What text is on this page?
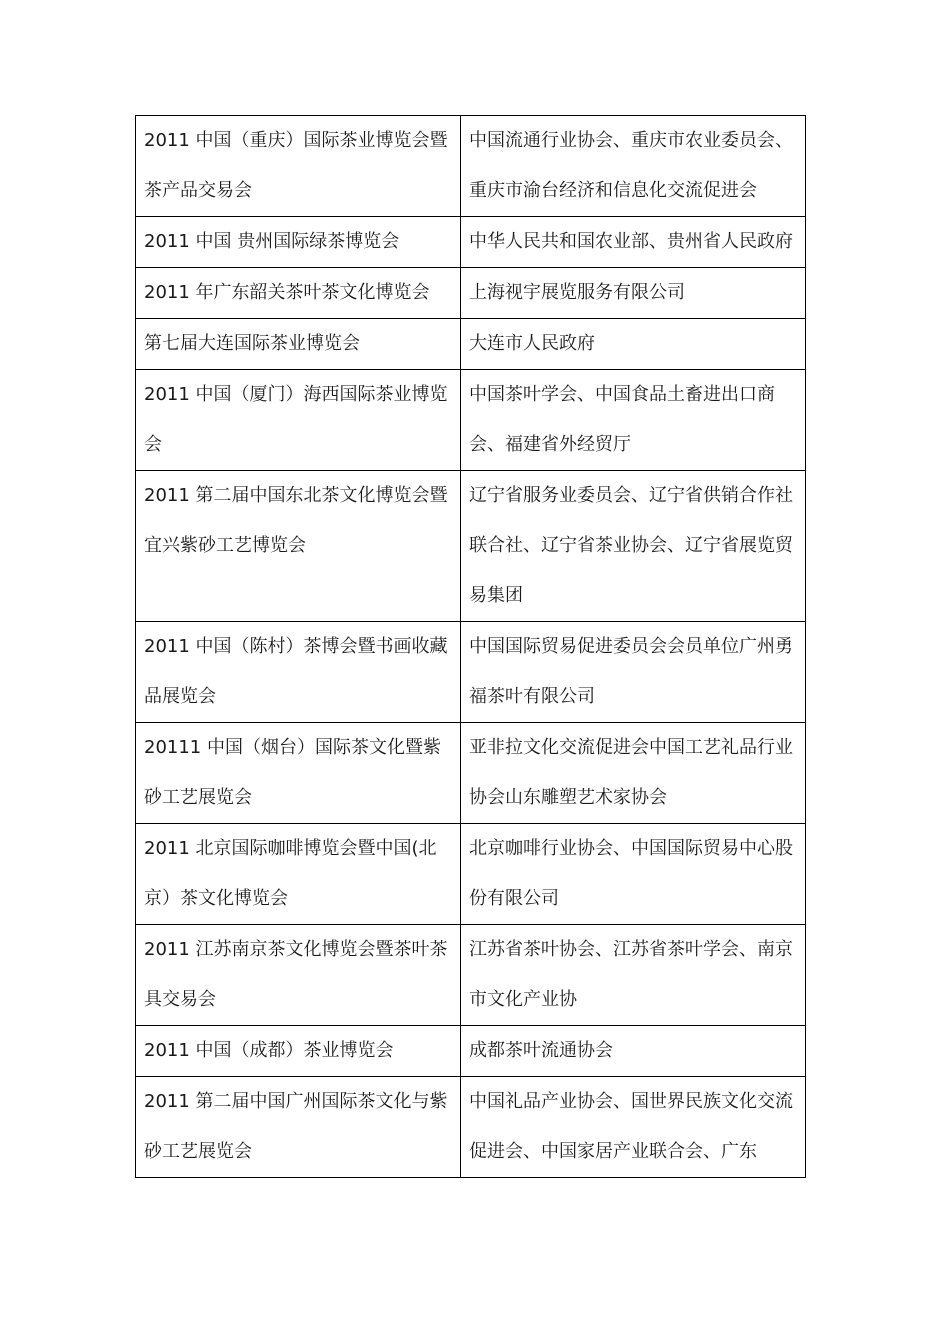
2011 中国（重庆）国际茶业博览会暨茶产品交易会	中国流通行业协会、重庆市农业委员会、重庆市渝台经济和信息化交流促进会
2011 中国 贵州国际绿茶博览会	中华人民共和国农业部、贵州省人民政府
2011 年广东韶关茶叶茶文化博览会	上海视宇展览服务有限公司
第七届大连国际茶业博览会	大连市人民政府
2011 中国（厦门）海西国际茶业博览会	中国茶叶学会、中国食品土畜进出口商会、福建省外经贸厅
2011 第二届中国东北茶文化博览会暨宜兴紫砂工艺博览会	辽宁省服务业委员会、辽宁省供销合作社联合社、辽宁省茶业协会、辽宁省展览贸易集团
2011 中国（陈村）茶博会暨书画收藏品展览会	中国国际贸易促进委员会会员单位广州勇福茶叶有限公司
20111 中国（烟台）国际茶文化暨紫砂工艺展览会	亚非拉文化交流促进会中国工艺礼品行业协会山东雕塑艺术家协会
2011 北京国际咖啡博览会暨中国(北京）茶文化博览会	北京咖啡行业协会、中国国际贸易中心股份有限公司
2011 江苏南京茶文化博览会暨茶叶茶具交易会	江苏省茶叶协会、江苏省茶叶学会、南京市文化产业协
2011 中国（成都）茶业博览会	成都茶叶流通协会
2011 第二届中国广州国际茶文化与紫砂工艺展览会	中国礼品产业协会、国世界民族文化交流促进会、中国家居产业联合会、广东
